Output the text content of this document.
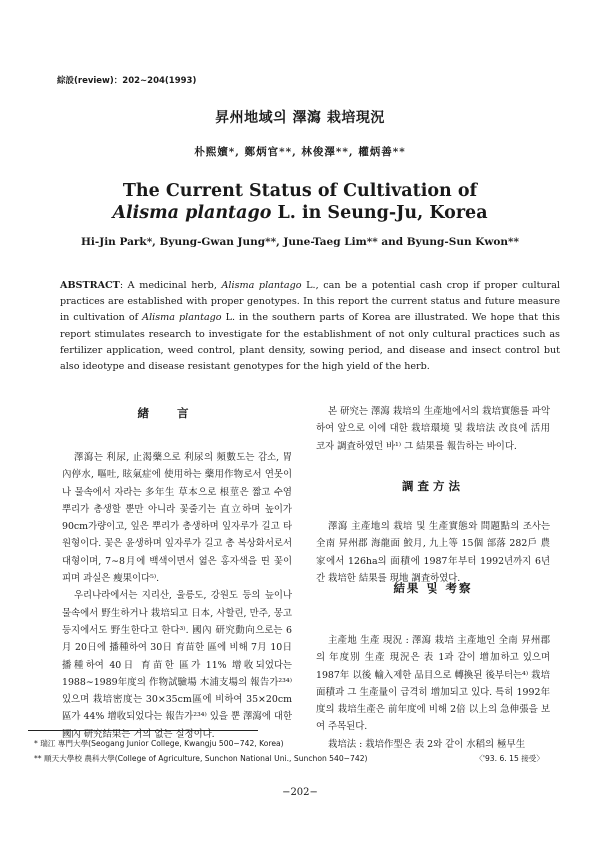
綜設(review)：202∼204(1993)
昇州地域의 澤瀉 栽培現況
朴熙嬪*, 鄭炳官**, 林俊澤**, 權炳善**
The Current Status of Cultivation of
Alisma plantago L. in Seung-Ju, Korea
Hi-Jin Park*, Byung-Gwan Jung**, June-Taeg Lim** and Byung-Sun Kwon**
ABSTRACT: A medicinal herb, Alisma plantago L., can be a potential cash crop if proper cultural practices are established with proper genotypes. In this report the current status and future measure in cultivation of Alisma plantago L. in the southern parts of Korea are illustrated. We hope that this report stimulates research to investigate for the establishment of not only cultural practices such as fertilizer application, weed control, plant density, sowing period, and disease and insect control but also ideotype and disease resistant genotypes for the high yield of the herb.
緖言

澤瀉는 利尿, 止渴藥으로 利尿의 頻數도는 감소, 胃內停水, 嘔吐, 眩氣症에 使用하는 藥用作物로서 연못이나 물속에서 자라는 多年生 草本으로 根莖은 짧고 수염뿌리가 총생할 뿐만 아니라 꽃줄기는 直立하며 높이가 90cm가량이고, 잎은 뿌리가 총생하며 잎자루가 길고 타원형이다. 꽃은 윤생하며 잎자루가 길고 총 복상화서로서 대형이며, 7∼8月에 백색이면서 엷은 홍자색을 띤 꽃이 피며 과실은 瘦果이다⁵⁾.

우리나라에서는 지리산, 울릉도, 강원도 등의 늪이나 물속에서 野生하거나 栽培되고 日本, 사할린, 만주, 몽고 등지에서도 野生한다고 한다³⁾. 國內 研究動向으로는 6月 20日에 播種하여 30日 育苗한 區에 비해 7月 10日 播種하여 40日 育苗한 區가 11% 增收되었다는 1988∼1989年度의 作物試驗場 木浦支場의 報告가²³⁴⁾ 있으며 栽培密度는 30×35cm區에 비하여 35×20cm 區가 44% 增收되었다는 報告가²³⁴⁾ 있을 뿐 澤瀉에 대한 國內 研究結果는 거의 없는 실정이다.

본 研究는 澤瀉 栽培의 生產地에서의 栽培實態를 파악하여 앞으로 이에 대한 栽培環境 및 栽培法 改良에 活用코자 調査하였던 바¹⁾ 그 結果를 報告하는 바이다.

調査方法

澤瀉 主產地의 栽培 및 生產實態와 問題點의 조사는 全南 昇州郡 海龍面 鮫月, 九上等 15個 部落 282戶 農家에서 126ha의 面積에 1987年부터 1992년까지 6년간 栽培한 結果를 現地 調査하였다.

結果 및 考察

主產地 生產 現況 : 澤瀉 栽培 主產地인 全南 昇州郡의 年度別 生產 現況은 表 1과 같이 增加하고 있으며 1987年 以後 輸入제한 品目으로 轉換된 後부터는⁴⁾ 栽培面積과 그 生產量이 급격히 增加되고 있다. 특히 1992年度의 栽培生產은 前年度에 비해 2倍 以上의 急伸張을 보여 주목된다.

栽培法 : 栽培作型은 表 2와 같이 水稻의 極早生

* 瑞江 專門大學(Seogang Junior College, Kwangju 500−742, Korea)
** 順天大學校 農科大學(College of Agriculture, Sunchon National Uni., Sunchon 540−742)	〈'93. 6. 15 接受〉
−202−
